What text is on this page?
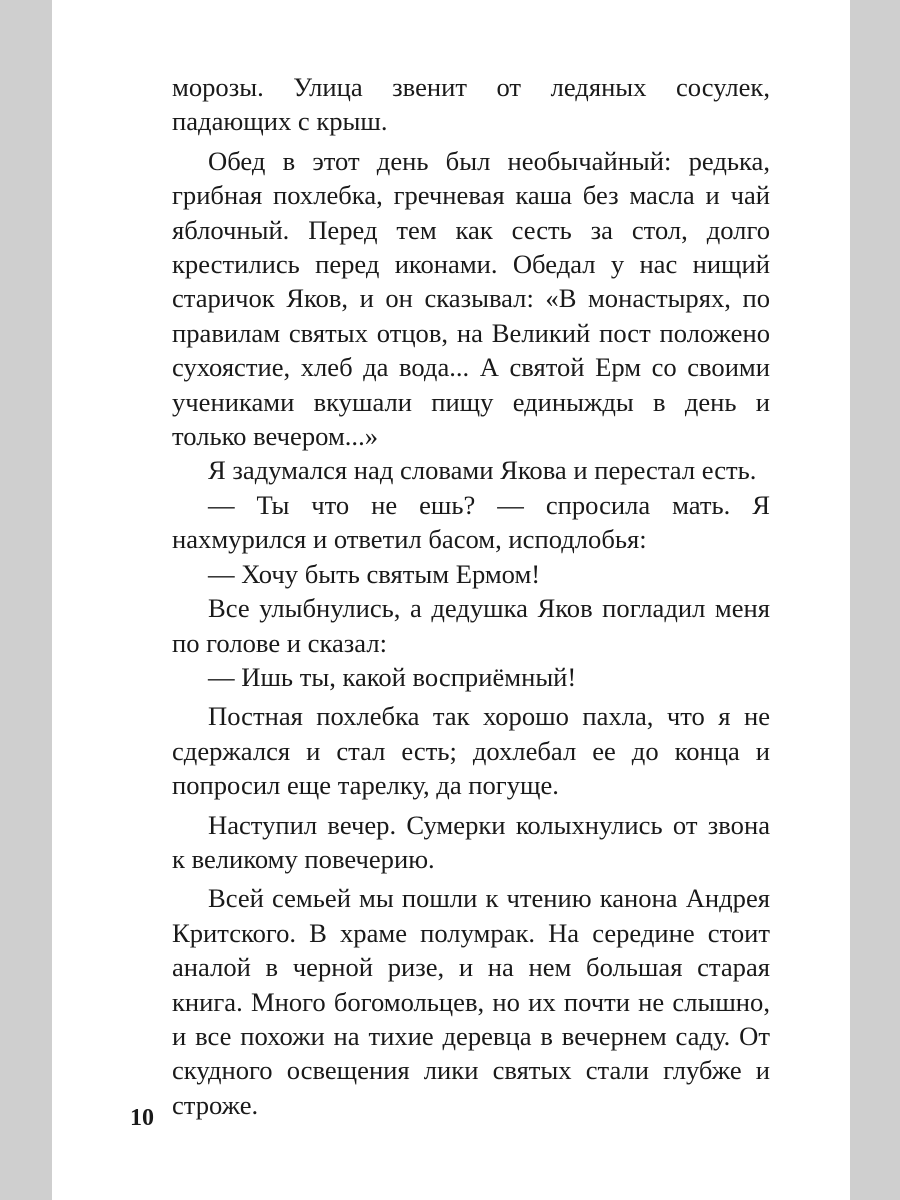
морозы. Улица звенит от ледяных сосулек, падающих с крыш.

Обед в этот день был необычайный: редька, грибная похлебка, гречневая каша без масла и чай яблочный. Перед тем как сесть за стол, долго крестились перед иконами. Обедал у нас нищий старичок Яков, и он сказывал: «В монастырях, по правилам святых отцов, на Великий пост положено сухоястие, хлеб да вода... А святой Ерм со своими учениками вкушали пищу единыжды в день и только вечером...»

Я задумался над словами Якова и перестал есть.

— Ты что не ешь? — спросила мать. Я нахмурился и ответил басом, исподлобья:

— Хочу быть святым Ермом!

Все улыбнулись, а дедушка Яков погладил меня по голове и сказал:

— Ишь ты, какой восприёмный!

Постная похлебка так хорошо пахла, что я не сдержался и стал есть; дохлебал ее до конца и попросил еще тарелку, да погуще.

Наступил вечер. Сумерки колыхнулись от звона к великому повечерию.

Всей семьей мы пошли к чтению канона Андрея Критского. В храме полумрак. На середине стоит аналой в черной ризе, и на нем большая старая книга. Много богомольцев, но их почти не слышно, и все похожи на тихие деревца в вечернем саду. От скудного освещения лики святых стали глубже и строже.

10
